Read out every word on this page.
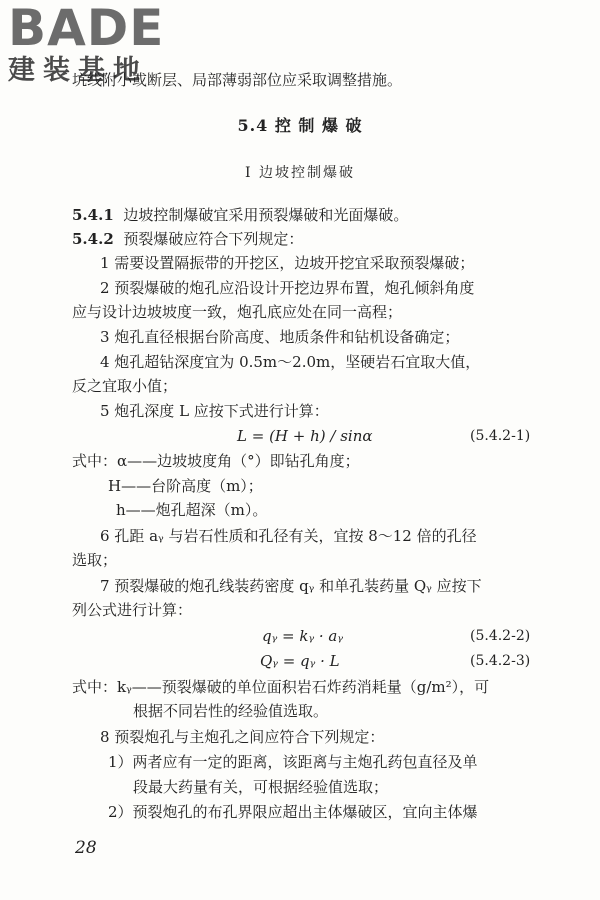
BADE
建装基地
坑线附小或断层、局部薄弱部位应采取调整措施。
5.4 控 制 爆 破
Ⅰ 边坡控制爆破
5.4.1 边坡控制爆破宜采用预裂爆破和光面爆破。
5.4.2 预裂爆破应符合下列规定：
1 需要设置隔振带的开挖区，边坡开挖宜采取预裂爆破；
2 预裂爆破的炮孔应沿设计开挖边界布置，炮孔倾斜角度
应与设计边坡坡度一致，炮孔底应处在同一高程；
3 炮孔直径根据台阶高度、地质条件和钻机设备确定；
4 炮孔超钻深度宜为 0.5m～2.0m，坚硬岩石宜取大值，
反之宜取小值；
5 炮孔深度 L 应按下式进行计算：
L = (H + h) / sinα	(5.4.2-1)
式中：α——边坡坡度角（°）即钻孔角度；
H——台阶高度（m）；
h——炮孔超深（m）。
6 孔距 aᵧ 与岩石性质和孔径有关，宜按 8～12 倍的孔径
选取；
7 预裂爆破的炮孔线装药密度 qᵧ 和单孔装药量 Qᵧ 应按下
列公式进行计算：
qᵧ = kᵧ · aᵧ	(5.4.2-2)
Qᵧ = qᵧ · L	(5.4.2-3)
式中：kᵧ——预裂爆破的单位面积岩石炸药消耗量（g/m²），可
根据不同岩性的经验值选取。
8 预裂炮孔与主炮孔之间应符合下列规定：
1）两者应有一定的距离，该距离与主炮孔药包直径及单
段最大药量有关，可根据经验值选取；
2）预裂炮孔的布孔界限应超出主体爆破区，宜向主体爆
28
